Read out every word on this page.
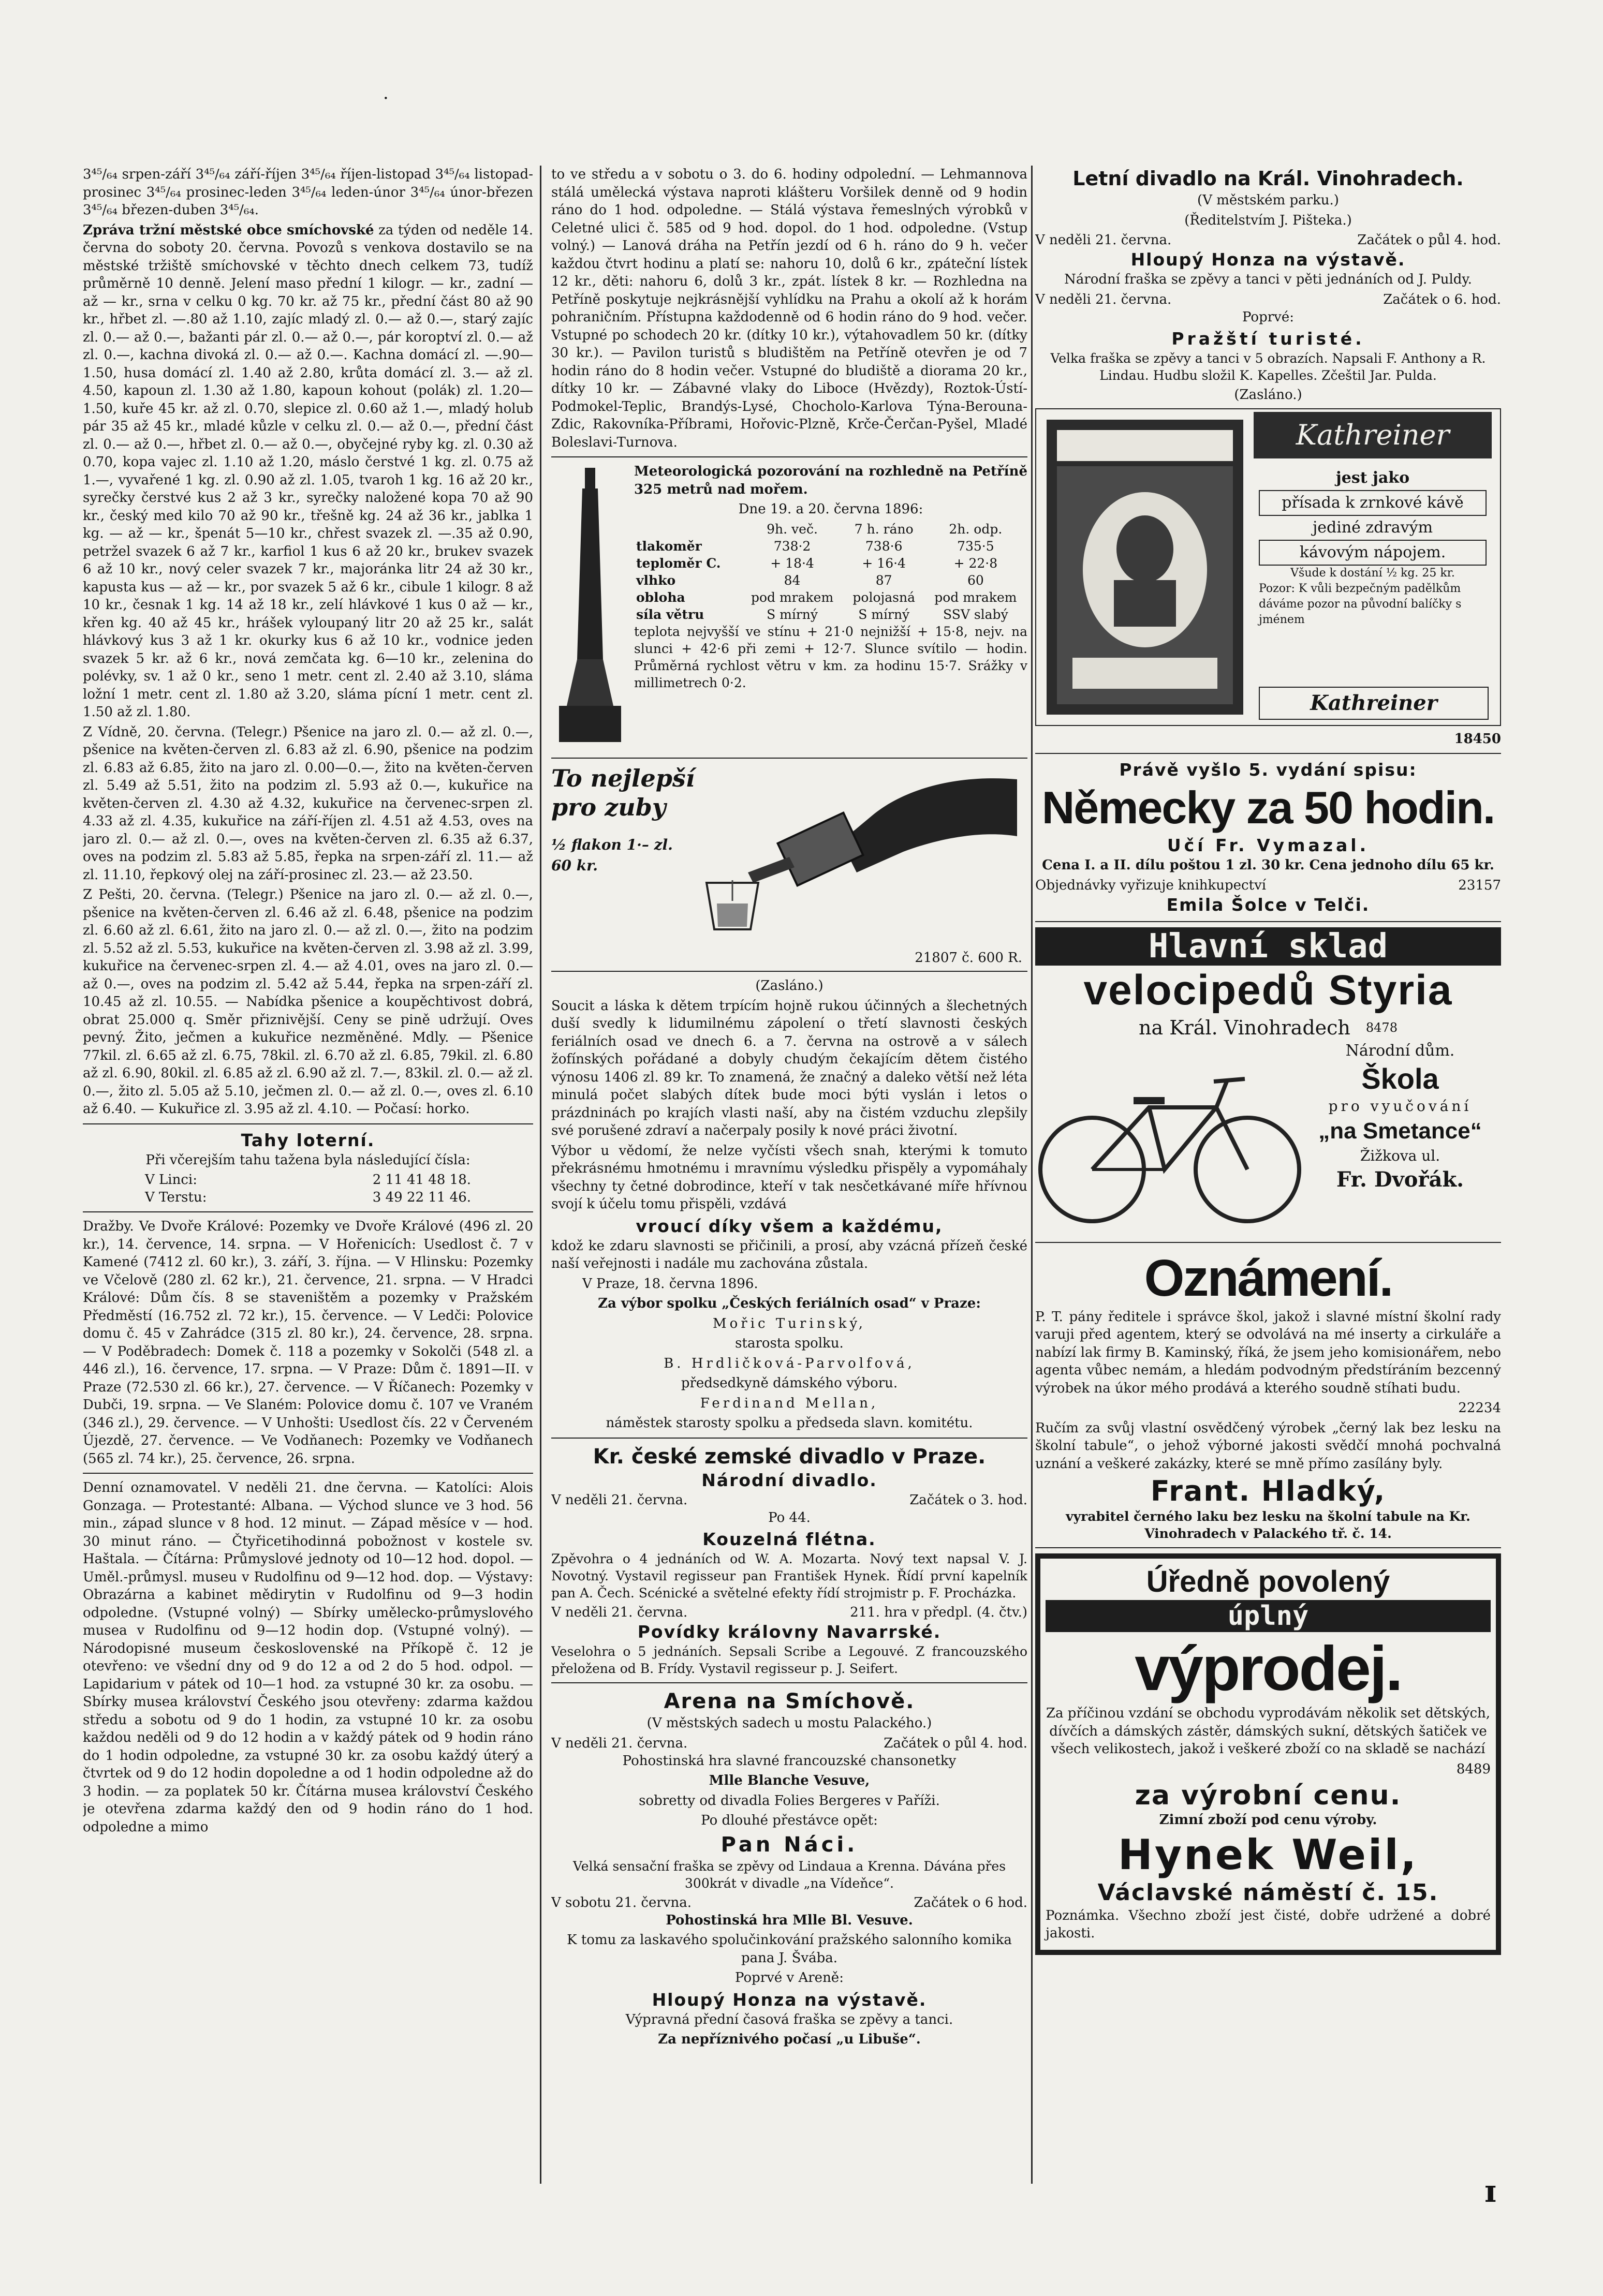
·

3⁴⁵/₆₄ srpen-září 3⁴⁵/₆₄ září-říjen 3⁴⁵/₆₄ říjen-listopad 3⁴⁵/₆₄ listopad-prosinec 3⁴⁵/₆₄ prosinec-leden 3⁴⁵/₆₄ leden-únor 3⁴⁵/₆₄ únor-březen 3⁴⁵/₆₄ březen-duben 3⁴⁵/₆₄.

Zpráva tržní městské obce smíchovské za týden od neděle 14. června do soboty 20. června. Povozů s venkova dostavilo se na městské tržiště smíchovské v těchto dnech celkem 73, tudíž průměrně 10 denně. Jelení maso přední 1 kilogr. — kr., zadní — až — kr., srna v celku 0 kg. 70 kr. až 75 kr., přední část 80 až 90 kr., hřbet zl. —.80 až 1.10, zajíc mladý zl. 0.— až 0.—, starý zajíc zl. 0.— až 0.—, bažanti pár zl. 0.— až 0.—, pár koroptví zl. 0.— až zl. 0.—, kachna divoká zl. 0.— až 0.—. Kachna domácí zl. —.90—1.50, husa domácí zl. 1.40 až 2.80, krůta domácí zl. 3.— až zl. 4.50, kapoun zl. 1.30 až 1.80, kapoun kohout (polák) zl. 1.20—1.50, kuře 45 kr. až zl. 0.70, slepice zl. 0.60 až 1.—, mladý holub pár 35 až 45 kr., mladé kůzle v celku zl. 0.— až 0.—, přední část zl. 0.— až 0.—, hřbet zl. 0.— až 0.—, obyčejné ryby kg. zl. 0.30 až 0.70, kopa vajec zl. 1.10 až 1.20, máslo čerstvé 1 kg. zl. 0.75 až 1.—, vyvařené 1 kg. zl. 0.90 až zl. 1.05, tvaroh 1 kg. 16 až 20 kr., syrečky čerstvé kus 2 až 3 kr., syrečky naložené kopa 70 až 90 kr., český med kilo 70 až 90 kr., třešně kg. 24 až 36 kr., jablka 1 kg. — až — kr., špenát 5—10 kr., chřest svazek zl. —.35 až 0.90, petržel svazek 6 až 7 kr., karfiol 1 kus 6 až 20 kr., brukev svazek 6 až 10 kr., nový celer svazek 7 kr., majoránka litr 24 až 30 kr., kapusta kus — až — kr., por svazek 5 až 6 kr., cibule 1 kilogr. 8 až 10 kr., česnak 1 kg. 14 až 18 kr., zelí hlávkové 1 kus 0 až — kr., křen kg. 40 až 45 kr., hrášek vyloupaný litr 20 až 25 kr., salát hlávkový kus 3 až 1 kr. okurky kus 6 až 10 kr., vodnice jeden svazek 5 kr. až 6 kr., nová zemčata kg. 6—10 kr., zelenina do polévky, sv. 1 až 0 kr., seno 1 metr. cent zl. 2.40 až 3.10, sláma ložní 1 metr. cent zl. 1.80 až 3.20, sláma pícní 1 metr. cent zl. 1.50 až zl. 1.80.

Z Vídně, 20. června. (Telegr.) Pšenice na jaro zl. 0.— až zl. 0.—, pšenice na květen-červen zl. 6.83 až zl. 6.90, pšenice na podzim zl. 6.83 až 6.85, žito na jaro zl. 0.00—0.—, žito na květen-červen zl. 5.49 až 5.51, žito na podzim zl. 5.93 až 0.—, kukuřice na květen-červen zl. 4.30 až 4.32, kukuřice na červenec-srpen zl. 4.33 až zl. 4.35, kukuřice na září-říjen zl. 4.51 až 4.53, oves na jaro zl. 0.— až zl. 0.—, oves na květen-červen zl. 6.35 až 6.37, oves na podzim zl. 5.83 až 5.85, řepka na srpen-září zl. 11.— až zl. 11.10, řepkový olej na září-prosinec zl. 23.— až 23.50.

Z Pešti, 20. června. (Telegr.) Pšenice na jaro zl. 0.— až zl. 0.—, pšenice na květen-červen zl. 6.46 až zl. 6.48, pšenice na podzim zl. 6.60 až zl. 6.61, žito na jaro zl. 0.— až zl. 0.—, žito na podzim zl. 5.52 až zl. 5.53, kukuřice na květen-červen zl. 3.98 až zl. 3.99, kukuřice na červenec-srpen zl. 4.— až 4.01, oves na jaro zl. 0.— až 0.—, oves na podzim zl. 5.42 až 5.44, řepka na srpen-září zl. 10.45 až zl. 10.55. — Nabídka pšenice a koupěchtivost dobrá, obrat 25.000 q. Směr přiznivější. Ceny se pině udržují. Oves pevný. Žito, ječmen a kukuřice nezměněné. Mdly. — Pšenice 77kil. zl. 6.65 až zl. 6.75, 78kil. zl. 6.70 až zl. 6.85, 79kil. zl. 6.80 až zl. 6.90, 80kil. zl. 6.85 až zl. 6.90 až zl. 7.—, 83kil. zl. 0.— až zl. 0.—, žito zl. 5.05 až 5.10, ječmen zl. 0.— až zl. 0.—, oves zl. 6.10 až 6.40. — Kukuřice zl. 3.95 až zl. 4.10. — Počasí: horko.

Tahy loterní.
Při včerejším tahu tažena byla následující čísla:
V Linci:	2 11 41 48 18.
V Terstu:	3 49 22 11 46.

Dražby. Ve Dvoře Králové: Pozemky ve Dvoře Králové (496 zl. 20 kr.), 14. července, 14. srpna. — V Hořenicích: Usedlost č. 7 v Kamené (7412 zl. 60 kr.), 3. září, 3. října. — V Hlinsku: Pozemky ve Včelově (280 zl. 62 kr.), 21. července, 21. srpna. — V Hradci Králové: Dům čís. 8 se staveništěm a pozemky v Pražském Předměstí (16.752 zl. 72 kr.), 15. července. — V Ledči: Polovice domu č. 45 v Zahrádce (315 zl. 80 kr.), 24. července, 28. srpna. — V Poděbradech: Domek č. 118 a pozemky v Sokolči (548 zl. a 446 zl.), 16. července, 17. srpna. — V Praze: Dům č. 1891—II. v Praze (72.530 zl. 66 kr.), 27. července. — V Říčanech: Pozemky v Dubči, 19. srpna. — Ve Slaném: Polovice domu č. 107 ve Vraném (346 zl.), 29. července. — V Unhošti: Usedlost čís. 22 v Červeném Újezdě, 27. července. — Ve Vodňanech: Pozemky ve Vodňanech (565 zl. 74 kr.), 25. července, 26. srpna.

Denní oznamovatel. V neděli 21. dne června. — Katolíci: Alois Gonzaga. — Protestanté: Albana. — Východ slunce ve 3 hod. 56 min., západ slunce v 8 hod. 12 minut. — Západ měsíce v — hod. 30 minut ráno. — Čtyřicetihodinná pobožnost v kostele sv. Haštala. — Čítárna: Průmyslové jednoty od 10—12 hod. dopol. — Uměl.-průmysl. museu v Rudolfinu od 9—12 hod. dop. — Výstavy: Obrazárna a kabinet mědirytin v Rudolfinu od 9—3 hodin odpoledne. (Vstupné volný) — Sbírky umělecko-průmyslového musea v Rudolfinu od 9—12 hodin dop. (Vstupné volný). — Národopisné museum československé na Příkopě č. 12 je otevřeno: ve všední dny od 9 do 12 a od 2 do 5 hod. odpol. — Lapidarium v pátek od 10—1 hod. za vstupné 30 kr. za osobu. — Sbírky musea království Českého jsou otevřeny: zdarma každou středu a sobotu od 9 do 1 hodin, za vstupné 10 kr. za osobu každou neděli od 9 do 12 hodin a v každý pátek od 9 hodin ráno do 1 hodin odpoledne, za vstupné 30 kr. za osobu každý úterý a čtvrtek od 9 do 12 hodin dopoledne a od 1 hodin odpoledne až do 3 hodin. — za poplatek 50 kr. Čítárna musea království Českého je otevřena zdarma každý den od 9 hodin ráno do 1 hod. odpoledne a mimo

to ve středu a v sobotu o 3. do 6. hodiny odpolední. — Lehmannova stálá umělecká výstava naproti klášteru Voršilek denně od 9 hodin ráno do 1 hod. odpoledne. — Stálá výstava řemeslných výrobků v Celetné ulici č. 585 od 9 hod. dopol. do 1 hod. odpoledne. (Vstup volný.) — Lanová dráha na Petřín jezdí od 6 h. ráno do 9 h. večer každou čtvrt hodinu a platí se: nahoru 10, dolů 6 kr., zpáteční lístek 12 kr., děti: nahoru 6, dolů 3 kr., zpát. lístek 8 kr. — Rozhledna na Petříně poskytuje nejkrásnější vyhlídku na Prahu a okolí až k horám pohraničním. Přístupna každodenně od 6 hodin ráno do 9 hod. večer. Vstupné po schodech 20 kr. (dítky 10 kr.), výtahovadlem 50 kr. (dítky 30 kr.). — Pavilon turistů s bludištěm na Petříně otevřen je od 7 hodin ráno do 8 hodin večer. Vstupné do bludiště a diorama 20 kr., dítky 10 kr. — Zábavné vlaky do Liboce (Hvězdy), Roztok-Ústí-Podmokel-Teplic, Brandýs-Lysé, Chocholo-Karlova Týna-Berouna-Zdic, Rakovníka-Příbrami, Hořovic-Plzně, Krče-Čerčan-Pyšel, Mladé Boleslavi-Turnova.

Meteorologická pozorování na rozhledně na Petříně 325 metrů nad mořem.
Dne 19. a 20. června 1896:
	9h. več.	7 h. ráno	2h. odp.
tlakoměr	738·2	738·6	735·5
teploměr C.	+ 18·4	+ 16·4	+ 22·8
vlhko	84	87	60
obloha	pod mrakem	polojasná	pod mrakem
síla větru	S mírný	S mírný	SSV slabý

teplota nejvyšší ve stínu + 21·0 nejnižší + 15·8, nejv. na slunci + 42·6 při zemi + 12·7. Slunce svítilo — hodin. Průměrná rychlost větru v km. za hodinu 15·7. Srážky v millimetrech 0·2.

To nejlepší
pro zuby
½ flakon 1·– zl.
60 kr.
21807 č. 600 R.
(Zasláno.)

Soucit a láska k dětem trpícím hojně rukou účinných a šlechetných duší svedly k lidumilnému zápolení o třetí slavnosti českých feriálních osad ve dnech 6. a 7. června na ostrově a v sálech žofínských pořádané a dobyly chudým čekajícím dětem čistého výnosu 1406 zl. 89 kr. To znamená, že značný a daleko větší než léta minulá počet slabých dítek bude moci býti vyslán i letos o prázdninách po krajích vlasti naší, aby na čistém vzduchu zlepšily své porušené zdraví a načerpaly posily k nové práci životní.

Výbor u vědomí, že nelze vyčísti všech snah, kterými k tomuto překrásnému hmotnému i mravnímu výsledku přispěly a vypomáhaly všechny ty četné dobrodince, kteří v tak nesčetkávané míře hřívnou svojí k účelu tomu přispěli, vzdává

vroucí díky všem a každému,

kdož ke zdaru slavnosti se přičinili, a prosí, aby vzácná přízeň české naší veřejnosti i nadále mu zachována zůstala.

V Praze, 18. června 1896.
Za výbor spolku „Českých feriálních osad“ v Praze:
Mořic Turinský,
starosta spolku.
B. Hrdličková-Parvolfová,
předsedkyně dámského výboru.
Ferdinand Mellan,
náměstek starosty spolku a předseda slavn. komitétu.
Kr. české zemské divadlo v Praze.
Národní divadlo.
V neděli 21. června.	Začátek o 3. hod.
Po 44.
Kouzelná flétna.

Zpěvohra o 4 jednáních od W. A. Mozarta. Nový text napsal V. J. Novotný. Vystavil regisseur pan František Hynek. Řídí první kapelník pan A. Čech. Scénické a světelné efekty řídí strojmistr p. F. Procházka.

V neděli 21. června.	211. hra v předpl. (4. čtv.)
Povídky královny Navarrské.

Veselohra o 5 jednáních. Sepsali Scribe a Legouvé. Z francouzského přeložena od B. Frídy. Vystavil regisseur p. J. Seifert.

Arena na Smíchově.
(V městských sadech u mostu Palackého.)
V neděli 21. června.	Začátek o půl 4. hod.
Pohostinská hra slavné francouzské chansonetky
Mlle Blanche Vesuve,
sobretty od divadla Folies Bergeres v Paříži.
Po dlouhé přestávce opět:
Pan Náci.
Velká sensační fraška se zpěvy od Lindaua a Krenna. Dávána přes 300krát v divadle „na Vídeňce“.
V sobotu 21. června.	Začátek o 6 hod.
Pohostinská hra Mlle Bl. Vesuve.
K tomu za laskavého spolučinkování pražského salonního komika pana J. Švába.
Poprvé v Areně:
Hloupý Honza na výstavě.
Výpravná přední časová fraška se zpěvy a tanci.
Za nepříznivého počasí „u Libuše“.
Letní divadlo na Král. Vinohradech.
(V městském parku.)
(Ředitelstvím J. Pišteka.)
V neděli 21. června.	Začátek o půl 4. hod.
Hloupý Honza na výstavě.

Národní fraška se zpěvy a tanci v pěti jednáních od J. Puldy.

V neděli 21. června.	Začátek o 6. hod.
Poprvé:
Pražští turisté.

Velka fraška se zpěvy a tanci v 5 obrazích. Napsali F. Anthony a R. Lindau. Hudbu složil K. Kapelles. Zčeštil Jar. Pulda.

(Zasláno.)
Kathreiner
jest jako
přísada k zrnkové kávě
jediné zdravým
kávovým nápojem.
Všude k dostání ½ kg. 25 kr.
Pozor: K vůli bezpečným padělkům dáváme pozor na původní balíčky s jménem
Kathreiner
18450
Právě vyšlo 5. vydání spisu:
Německy za 50 hodin.
Učí Fr. Vymazal.
Cena I. a II. dílu poštou 1 zl. 30 kr. Cena jednoho dílu 65 kr.
Objednávky vyřizuje knihkupectví	23157
Emila Šolce v Telči.
Hlavní sklad
velocipedů Styria
na Král. Vinohradech 8478
Národní dům.
Škola
pro vyučování
„na Smetance“
Žižkova ul.
Fr. Dvořák.
Oznámení.

P. T. pány ředitele i správce škol, jakož i slavné místní školní rady varuji před agentem, který se odvolává na mé inserty a cirkuláře a nabízí lak firmy B. Kaminský, říká, že jsem jeho komisionářem, nebo agenta vůbec nemám, a hledám podvodným předstíráním bezcenný výrobek na úkor mého prodává a kterého soudně stíhati budu.

22234

Ručím za svůj vlastní osvědčený výrobek „černý lak bez lesku na školní tabule“, o jehož výborné jakosti svědčí mnohá pochvalná uznání a veškeré zakázky, které se mně přímo zasílány byly.

Frant. Hladký,
vyrabitel černého laku bez lesku na školní tabule na Kr. Vinohradech v Palackého tř. č. 14.
Úředně povolený
úplný
výprodej.

Za příčinou vzdání se obchodu vyprodávám několik set dětských, dívčích a dámských zástěr, dámských sukní, dětských šatiček ve všech velikostech, jakož i veškeré zboží co na skladě se nachází

8489
za výrobní cenu.
Zimní zboží pod cenu výroby.
Hynek Weil,
Václavské náměstí č. 15.

Poznámka. Všechno zboží jest čisté, dobře udržené a dobré jakosti.

ɪ
